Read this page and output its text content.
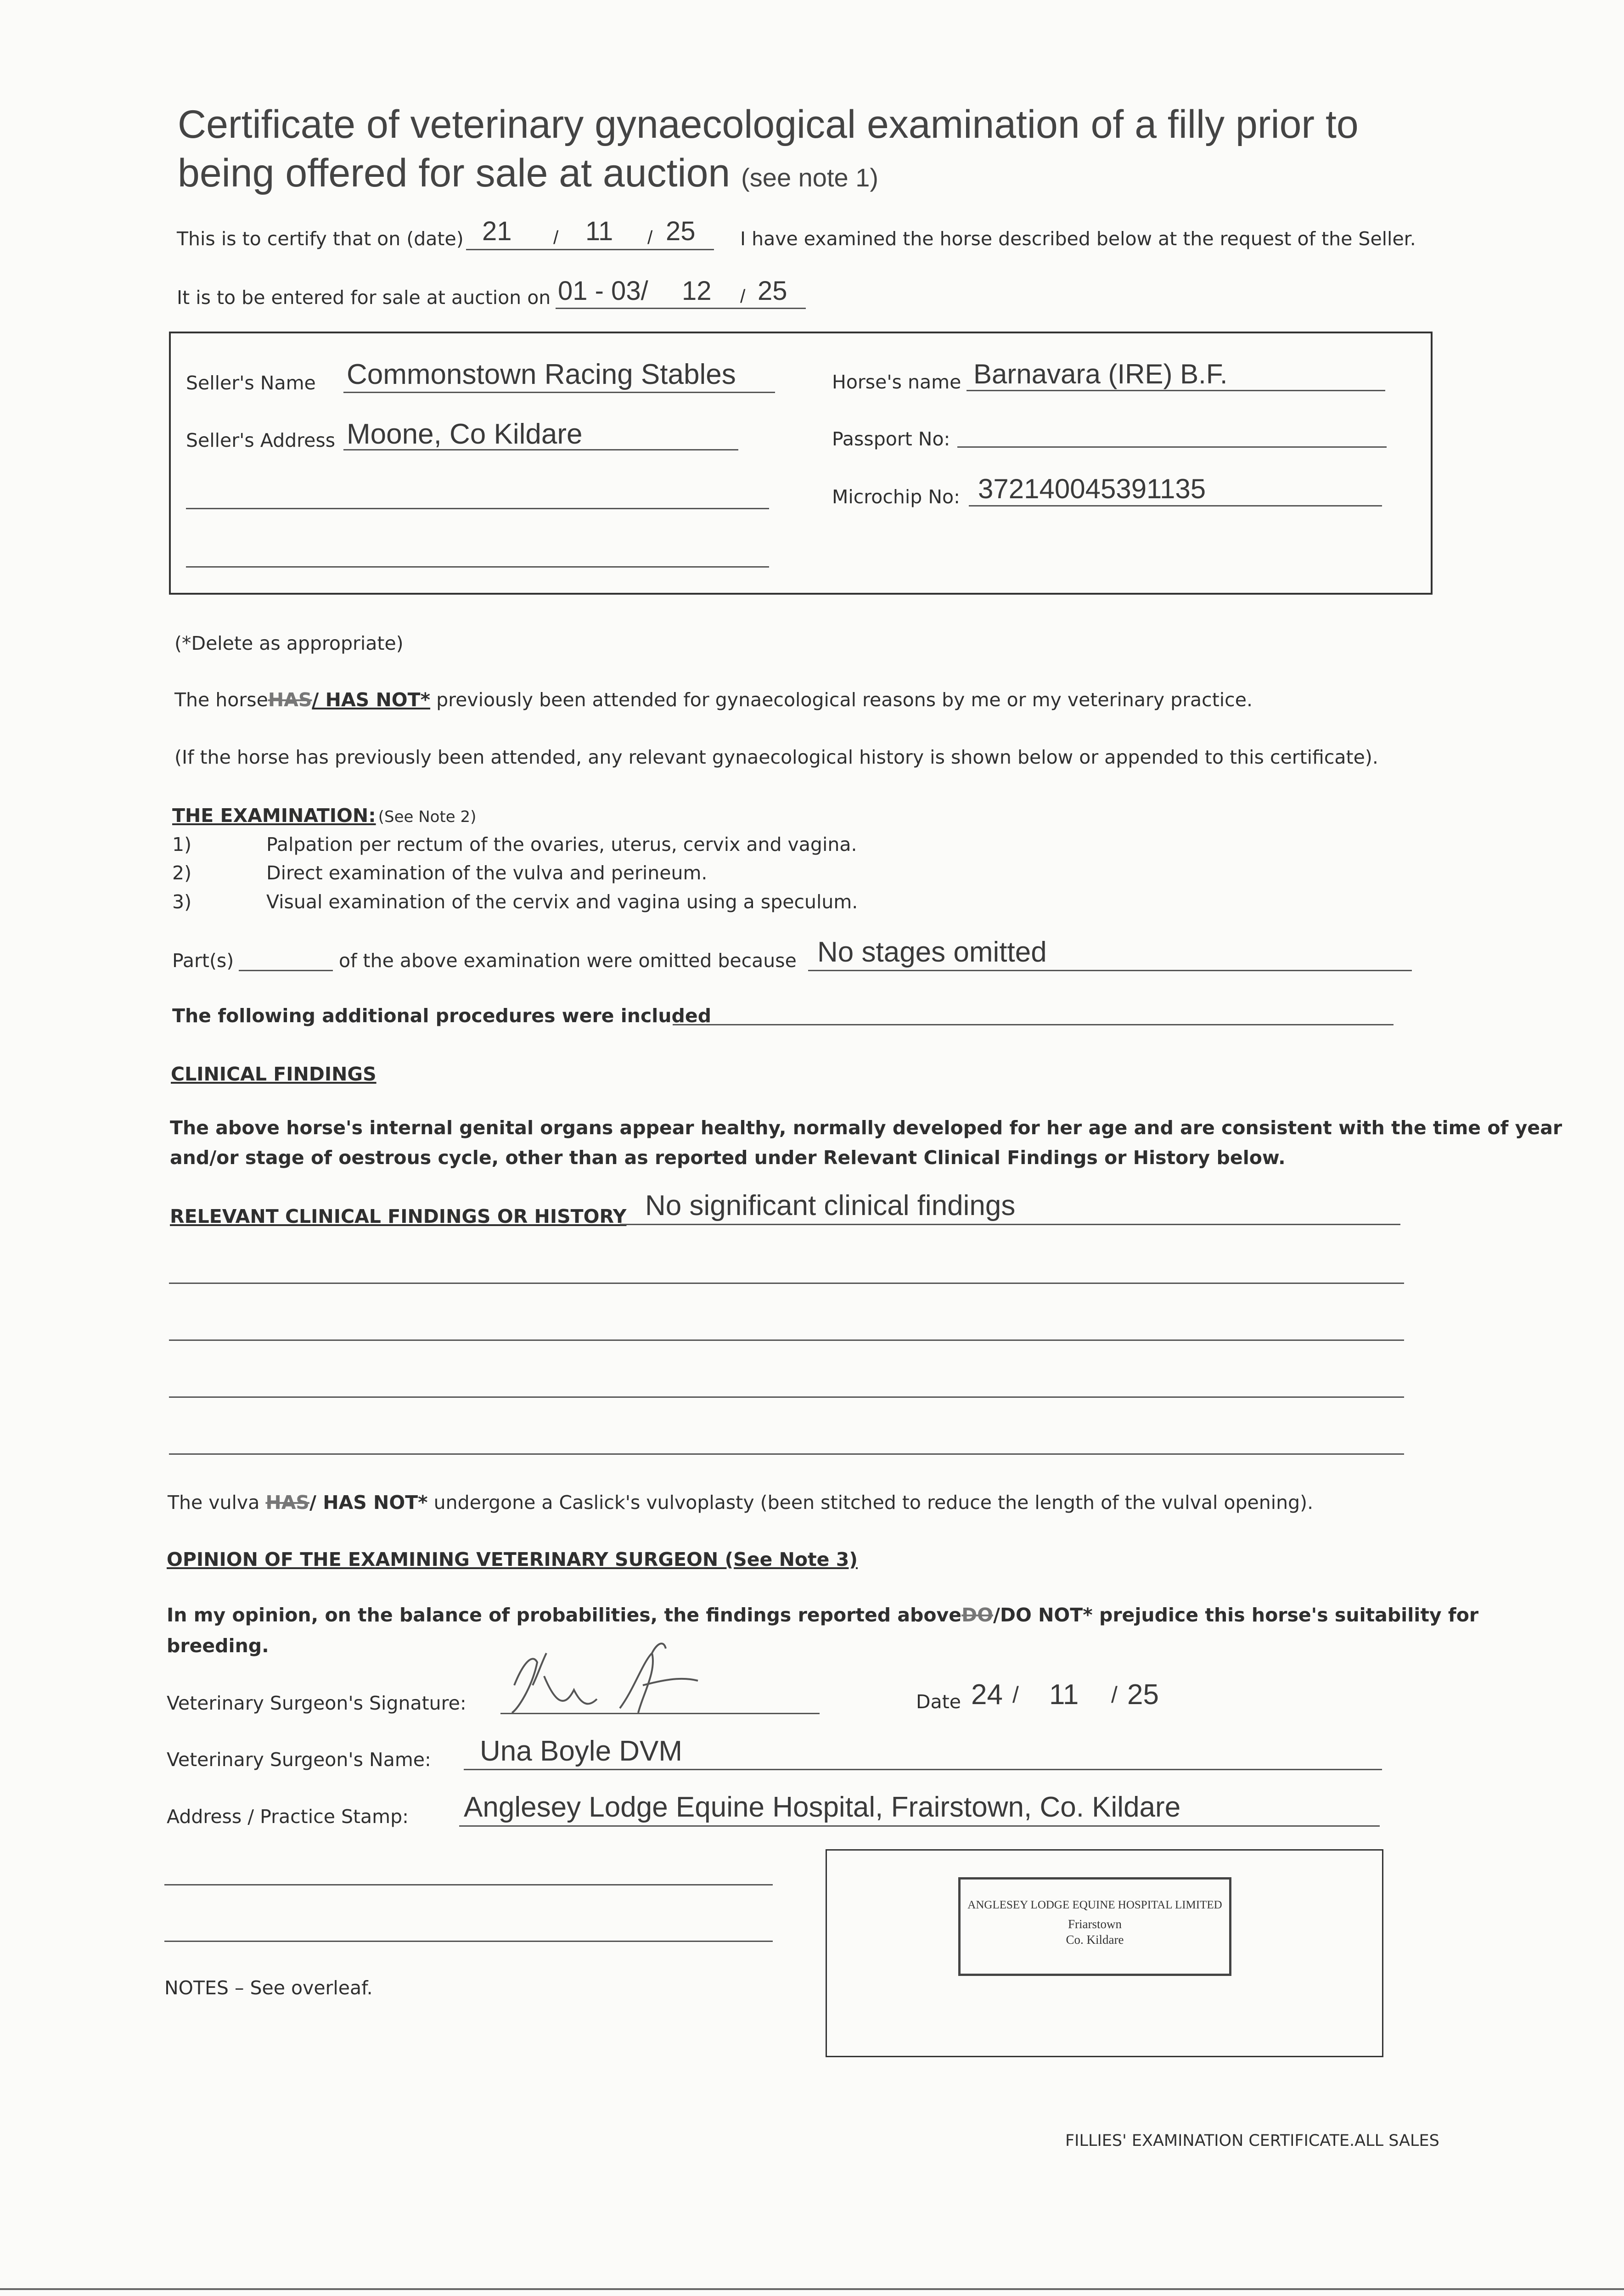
Certificate of veterinary gynaecological examination of a filly prior to
being offered for sale at auction (see note 1)
This is to certify that on (date) 21 / 11 / 25 I have examined the horse described below at the request of the Seller.
It is to be entered for sale at auction on 01 - 03/ 12 / 25
Seller's Name Commonstown Racing Stables
Seller's Address Moone, Co Kildare
Horse's name Barnavara (IRE) B.F.
Passport No:
Microchip No: 372140045391135
(*Delete as appropriate)
The horseHAS/ HAS NOT* previously been attended for gynaecological reasons by me or my veterinary practice.
(If the horse has previously been attended, any relevant gynaecological history is shown below or appended to this certificate).
THE EXAMINATION: (See Note 2)
1)	Palpation per rectum of the ovaries, uterus, cervix and vagina.
2)	Direct examination of the vulva and perineum.
3)	Visual examination of the cervix and vagina using a speculum.
Part(s)	of the above examination were omitted because No stages omitted
The following additional procedures were included
CLINICAL FINDINGS
The above horse's internal genital organs appear healthy, normally developed for her age and are consistent with the time of year
and/or stage of oestrous cycle, other than as reported under Relevant Clinical Findings or History below.
RELEVANT CLINICAL FINDINGS OR HISTORY No significant clinical findings
The vulva HAS/ HAS NOT* undergone a Caslick's vulvoplasty (been stitched to reduce the length of the vulval opening).
OPINION OF THE EXAMINING VETERINARY SURGEON (See Note 3)
In my opinion, on the balance of probabilities, the findings reported aboveDO/DO NOT* prejudice this horse's suitability for
breeding.
Veterinary Surgeon's Signature:	Date 24 / 11 / 25
Veterinary Surgeon's Name: Una Boyle DVM
Address / Practice Stamp: Anglesey Lodge Equine Hospital, Frairstown, Co. Kildare
ANGLESEY LODGE EQUINE HOSPITAL LIMITED
Friarstown
Co. Kildare
NOTES – See overleaf.
FILLIES' EXAMINATION CERTIFICATE.ALL SALES
